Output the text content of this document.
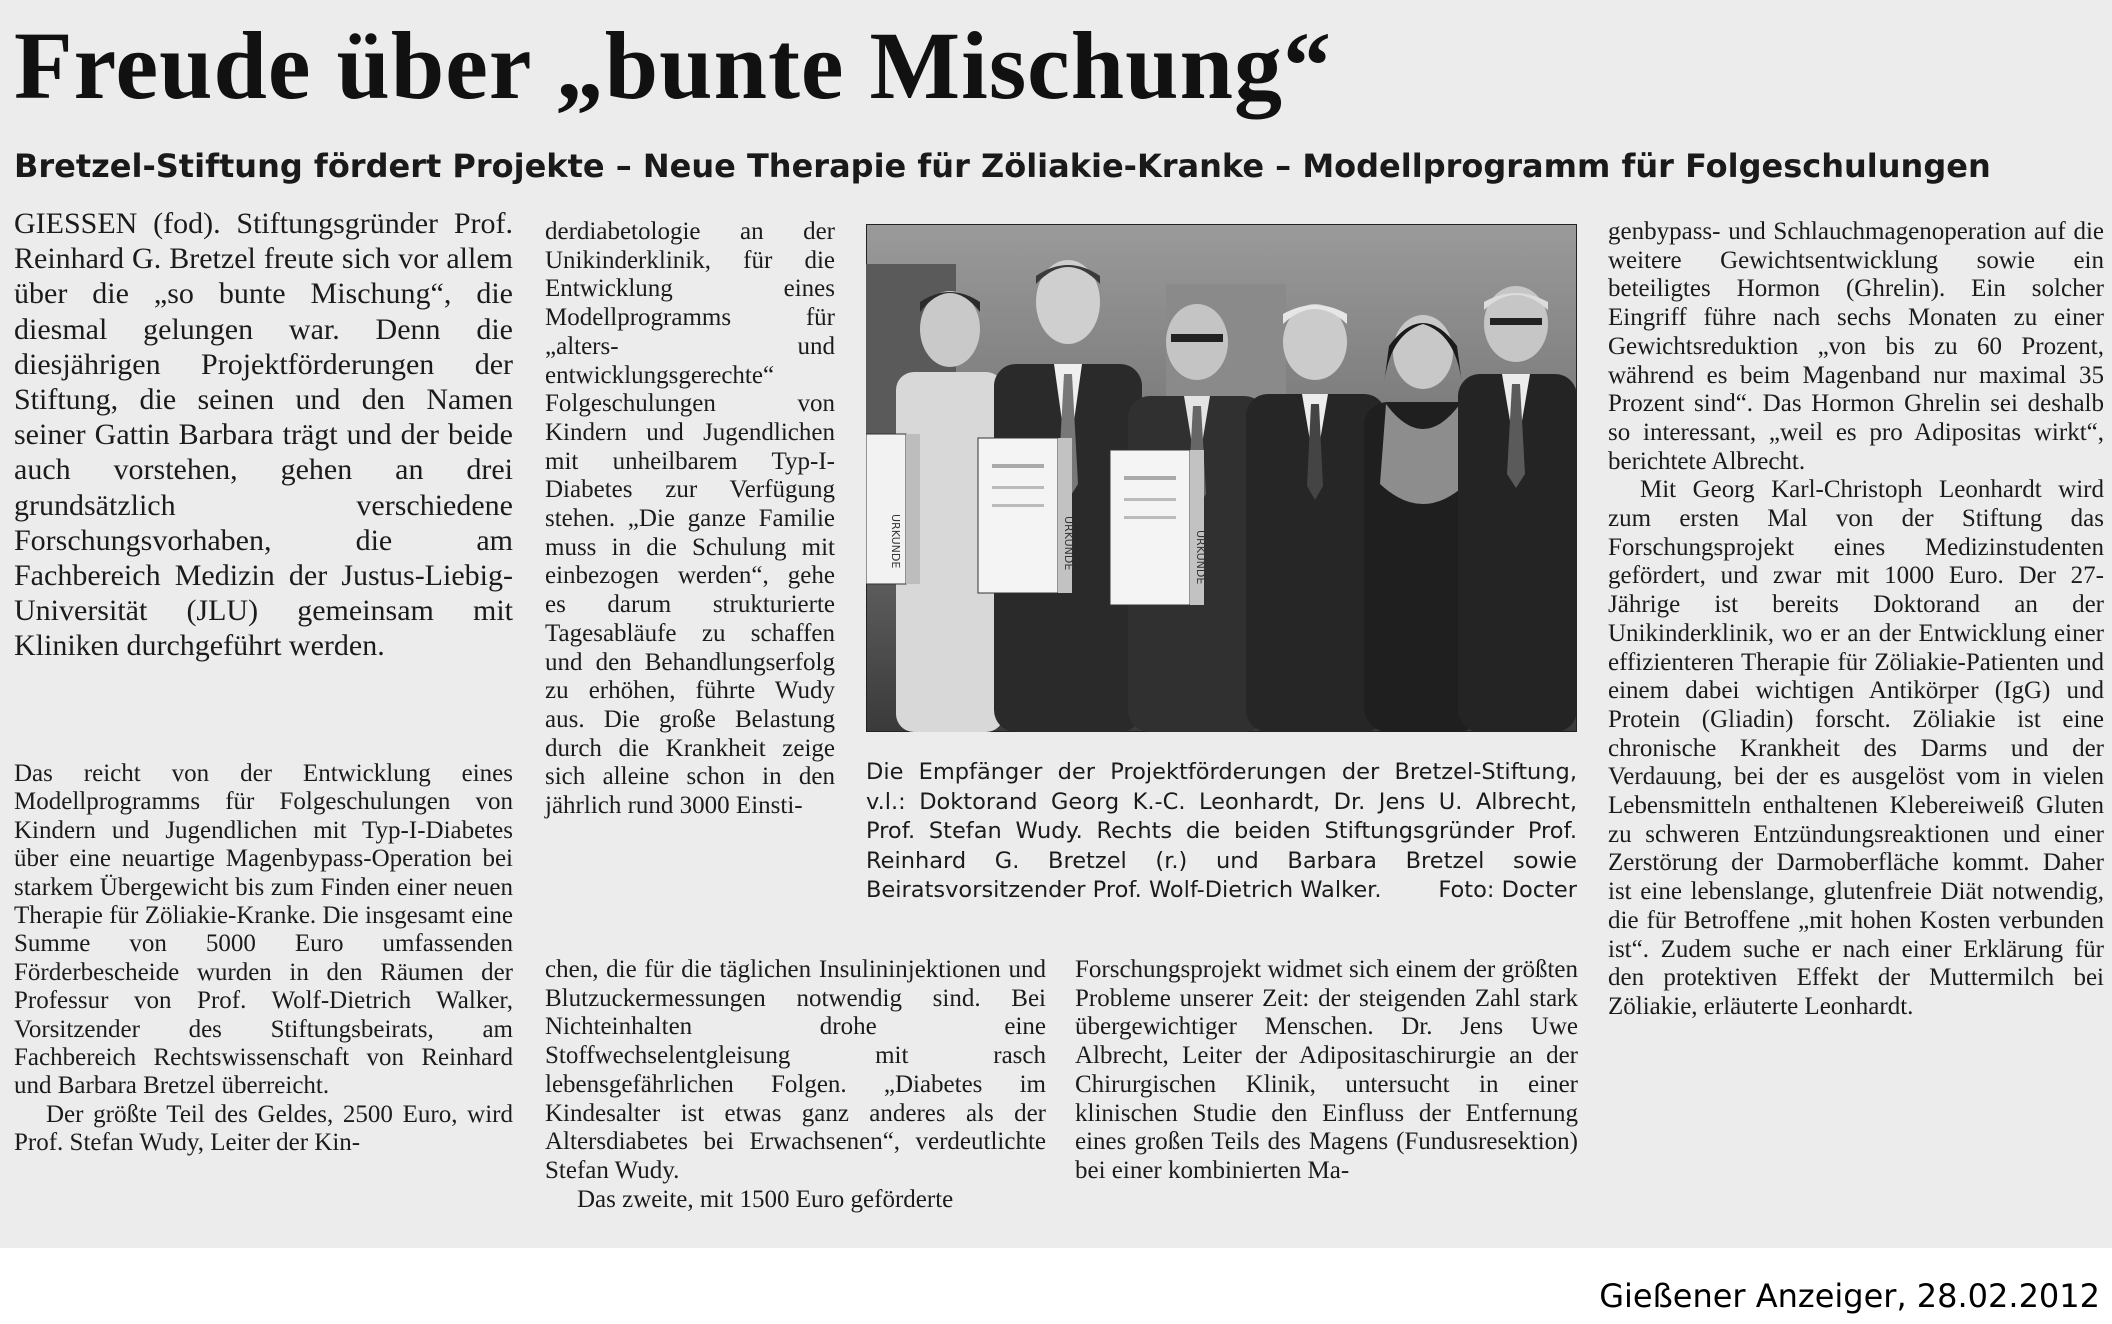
Freude über „bunte Mischung“
Bretzel-Stiftung fördert Projekte – Neue Therapie für Zöliakie-Kranke – Modellprogramm für Folgeschulungen

GIESSEN (fod). Stiftungsgründer Prof. Reinhard G. Bretzel freute sich vor allem über die „so bunte Mischung“, die diesmal gelungen war. Denn die diesjährigen Projektförderungen der Stiftung, die seinen und den Namen seiner Gattin Barbara trägt und der beide auch vorstehen, gehen an drei grundsätzlich verschiedene Forschungsvorhaben, die am Fachbereich Medizin der Justus-Liebig-Universität (JLU) gemeinsam mit Kliniken durchgeführt werden.

Das reicht von der Entwicklung eines Modellprogramms für Folgeschulungen von Kindern und Jugendlichen mit Typ-I-Diabetes über eine neuartige Magenbypass-Operation bei starkem Übergewicht bis zum Finden einer neuen Therapie für Zöliakie-Kranke. Die insgesamt eine Summe von 5000 Euro umfassenden Förderbescheide wurden in den Räumen der Professur von Prof. Wolf-Dietrich Walker, Vorsitzender des Stiftungsbeirats, am Fachbereich Rechtswissenschaft von Reinhard und Barbara Bretzel überreicht.

Der größte Teil des Geldes, 2500 Euro, wird Prof. Stefan Wudy, Leiter der Kin-

derdiabetologie an der Unikinderklinik, für die Entwicklung eines Modellprogramms für „alters- und entwicklungsgerechte“ Folgeschulungen von Kindern und Jugendlichen mit unheilbarem Typ-I-Diabetes zur Verfügung stehen. „Die ganze Familie muss in die Schulung mit einbezogen werden“, gehe es darum strukturierte Tagesabläufe zu schaffen und den Behandlungserfolg zu erhöhen, führte Wudy aus. Die große Belastung durch die Krankheit zeige sich alleine schon in den jährlich rund 3000 Einsti-

URKUNDE	URKUNDE	URKUNDE

Die Empfänger der Projektförderungen der Bretzel-Stiftung, v.l.: Doktorand Georg K.-C. Leonhardt, Dr. Jens U. Albrecht, Prof. Stefan Wudy. Rechts die beiden Stiftungsgründer Prof. Reinhard G. Bretzel (r.) und Barbara Bretzel sowie Beiratsvorsitzender Prof. Wolf-Dietrich Walker.	Foto: Docter

chen, die für die täglichen Insulininjektionen und Blutzuckermessungen notwendig sind. Bei Nichteinhalten drohe eine Stoffwechselentgleisung mit rasch lebensgefährlichen Folgen. „Diabetes im Kindesalter ist etwas ganz anderes als der Altersdiabetes bei Erwachsenen“, verdeutlichte Stefan Wudy.

Das zweite, mit 1500 Euro geförderte

Forschungsprojekt widmet sich einem der größten Probleme unserer Zeit: der steigenden Zahl stark übergewichtiger Menschen. Dr. Jens Uwe Albrecht, Leiter der Adipositaschirurgie an der Chirurgischen Klinik, untersucht in einer klinischen Studie den Einfluss der Entfernung eines großen Teils des Magens (Fundusresektion) bei einer kombinierten Ma-

genbypass- und Schlauchmagenoperation auf die weitere Gewichtsentwicklung sowie ein beteiligtes Hormon (Ghrelin). Ein solcher Eingriff führe nach sechs Monaten zu einer Gewichtsreduktion „von bis zu 60 Prozent, während es beim Magenband nur maximal 35 Prozent sind“. Das Hormon Ghrelin sei deshalb so interessant, „weil es pro Adipositas wirkt“, berichtete Albrecht.

Mit Georg Karl-Christoph Leonhardt wird zum ersten Mal von der Stiftung das Forschungsprojekt eines Medizinstudenten gefördert, und zwar mit 1000 Euro. Der 27-Jährige ist bereits Doktorand an der Unikinderklinik, wo er an der Entwicklung einer effizienteren Therapie für Zöliakie-Patienten und einem dabei wichtigen Antikörper (IgG) und Protein (Gliadin) forscht. Zöliakie ist eine chronische Krankheit des Darms und der Verdauung, bei der es ausgelöst vom in vielen Lebensmitteln enthaltenen Klebereiweiß Gluten zu schweren Entzündungsreaktionen und einer Zerstörung der Darmoberfläche kommt. Daher ist eine lebenslange, glutenfreie Diät notwendig, die für Betroffene „mit hohen Kosten verbunden ist“. Zudem suche er nach einer Erklärung für den protektiven Effekt der Muttermilch bei Zöliakie, erläuterte Leonhardt.

Gießener Anzeiger, 28.02.2012
